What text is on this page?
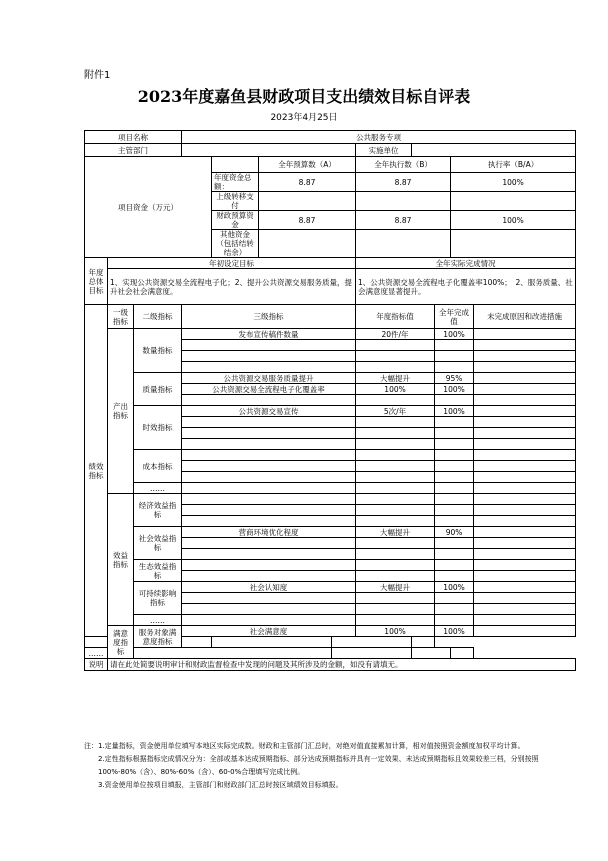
附件1
2023年度嘉鱼县财政项目支出绩效目标自评表
2023年4月25日
项目名称			公共服务专项								
主管部门							实施单位				
项目资金（万元）					全年预算数（A）		全年执行数（B）			执行率（B/A）	
				年度资金总额：	8.87		8.87			100%	
				上级转移支付							
				财政预算资金	8.87		8.87			100%	
				其他资金（包括结转结余）							
年度总体目标	年初设定目标						全年实际完成情况				
	1、实现公共资源交易全流程电子化；2、提升公共资源交易服务质量，提升社会社会满意度。						1、公共资源交易全流程电子化覆盖率100%；　2、服务质量、社会满意度显著提升。				
绩效指标	一级指标	二级指标	三级指标				年度指标值		全年完成值		未完成原因和改进措施
	产出指标	数量指标	发布宣传稿件数量				20件/年		100%		

		质量指标	公共资源交易服务质量提升				大幅提升		95%		
			公共资源交易全流程电子化覆盖率				100%		100%		

		时效指标	公共资源交易宣传				5次/年		100%		

		成本指标									

		……									
	效益指标	经济效益指标									

		社会效益指标	营商环境优化程度				大幅提升		90%		

		生态效益指标									

		可持续影响指标	社会认知度				大幅提升		100%		

		……									
	满意度指标	服务对象满意度指标	社会满意度				100%		100%		

……											
说明	请在此处简要说明审计和财政监督检查中发现的问题及其所涉及的金额，如没有请填无。										

注：1.定量指标，资金使用单位填写本地区实际完成数。财政和主管部门汇总时，对绝对值直接累加计算，相对值按照资金额度加权平均计算。

2.定性指标根据指标完成情况分为：全部或基本达成预期指标、部分达成预期指标并具有一定效果、未达成预期指标且效果较差三档，分别按照100%-80%（含）、80%-60%（含）、60-0%合理填写完成比例。

3.资金使用单位按项目填报，主管部门和财政部门汇总时按区域绩效目标填报。
